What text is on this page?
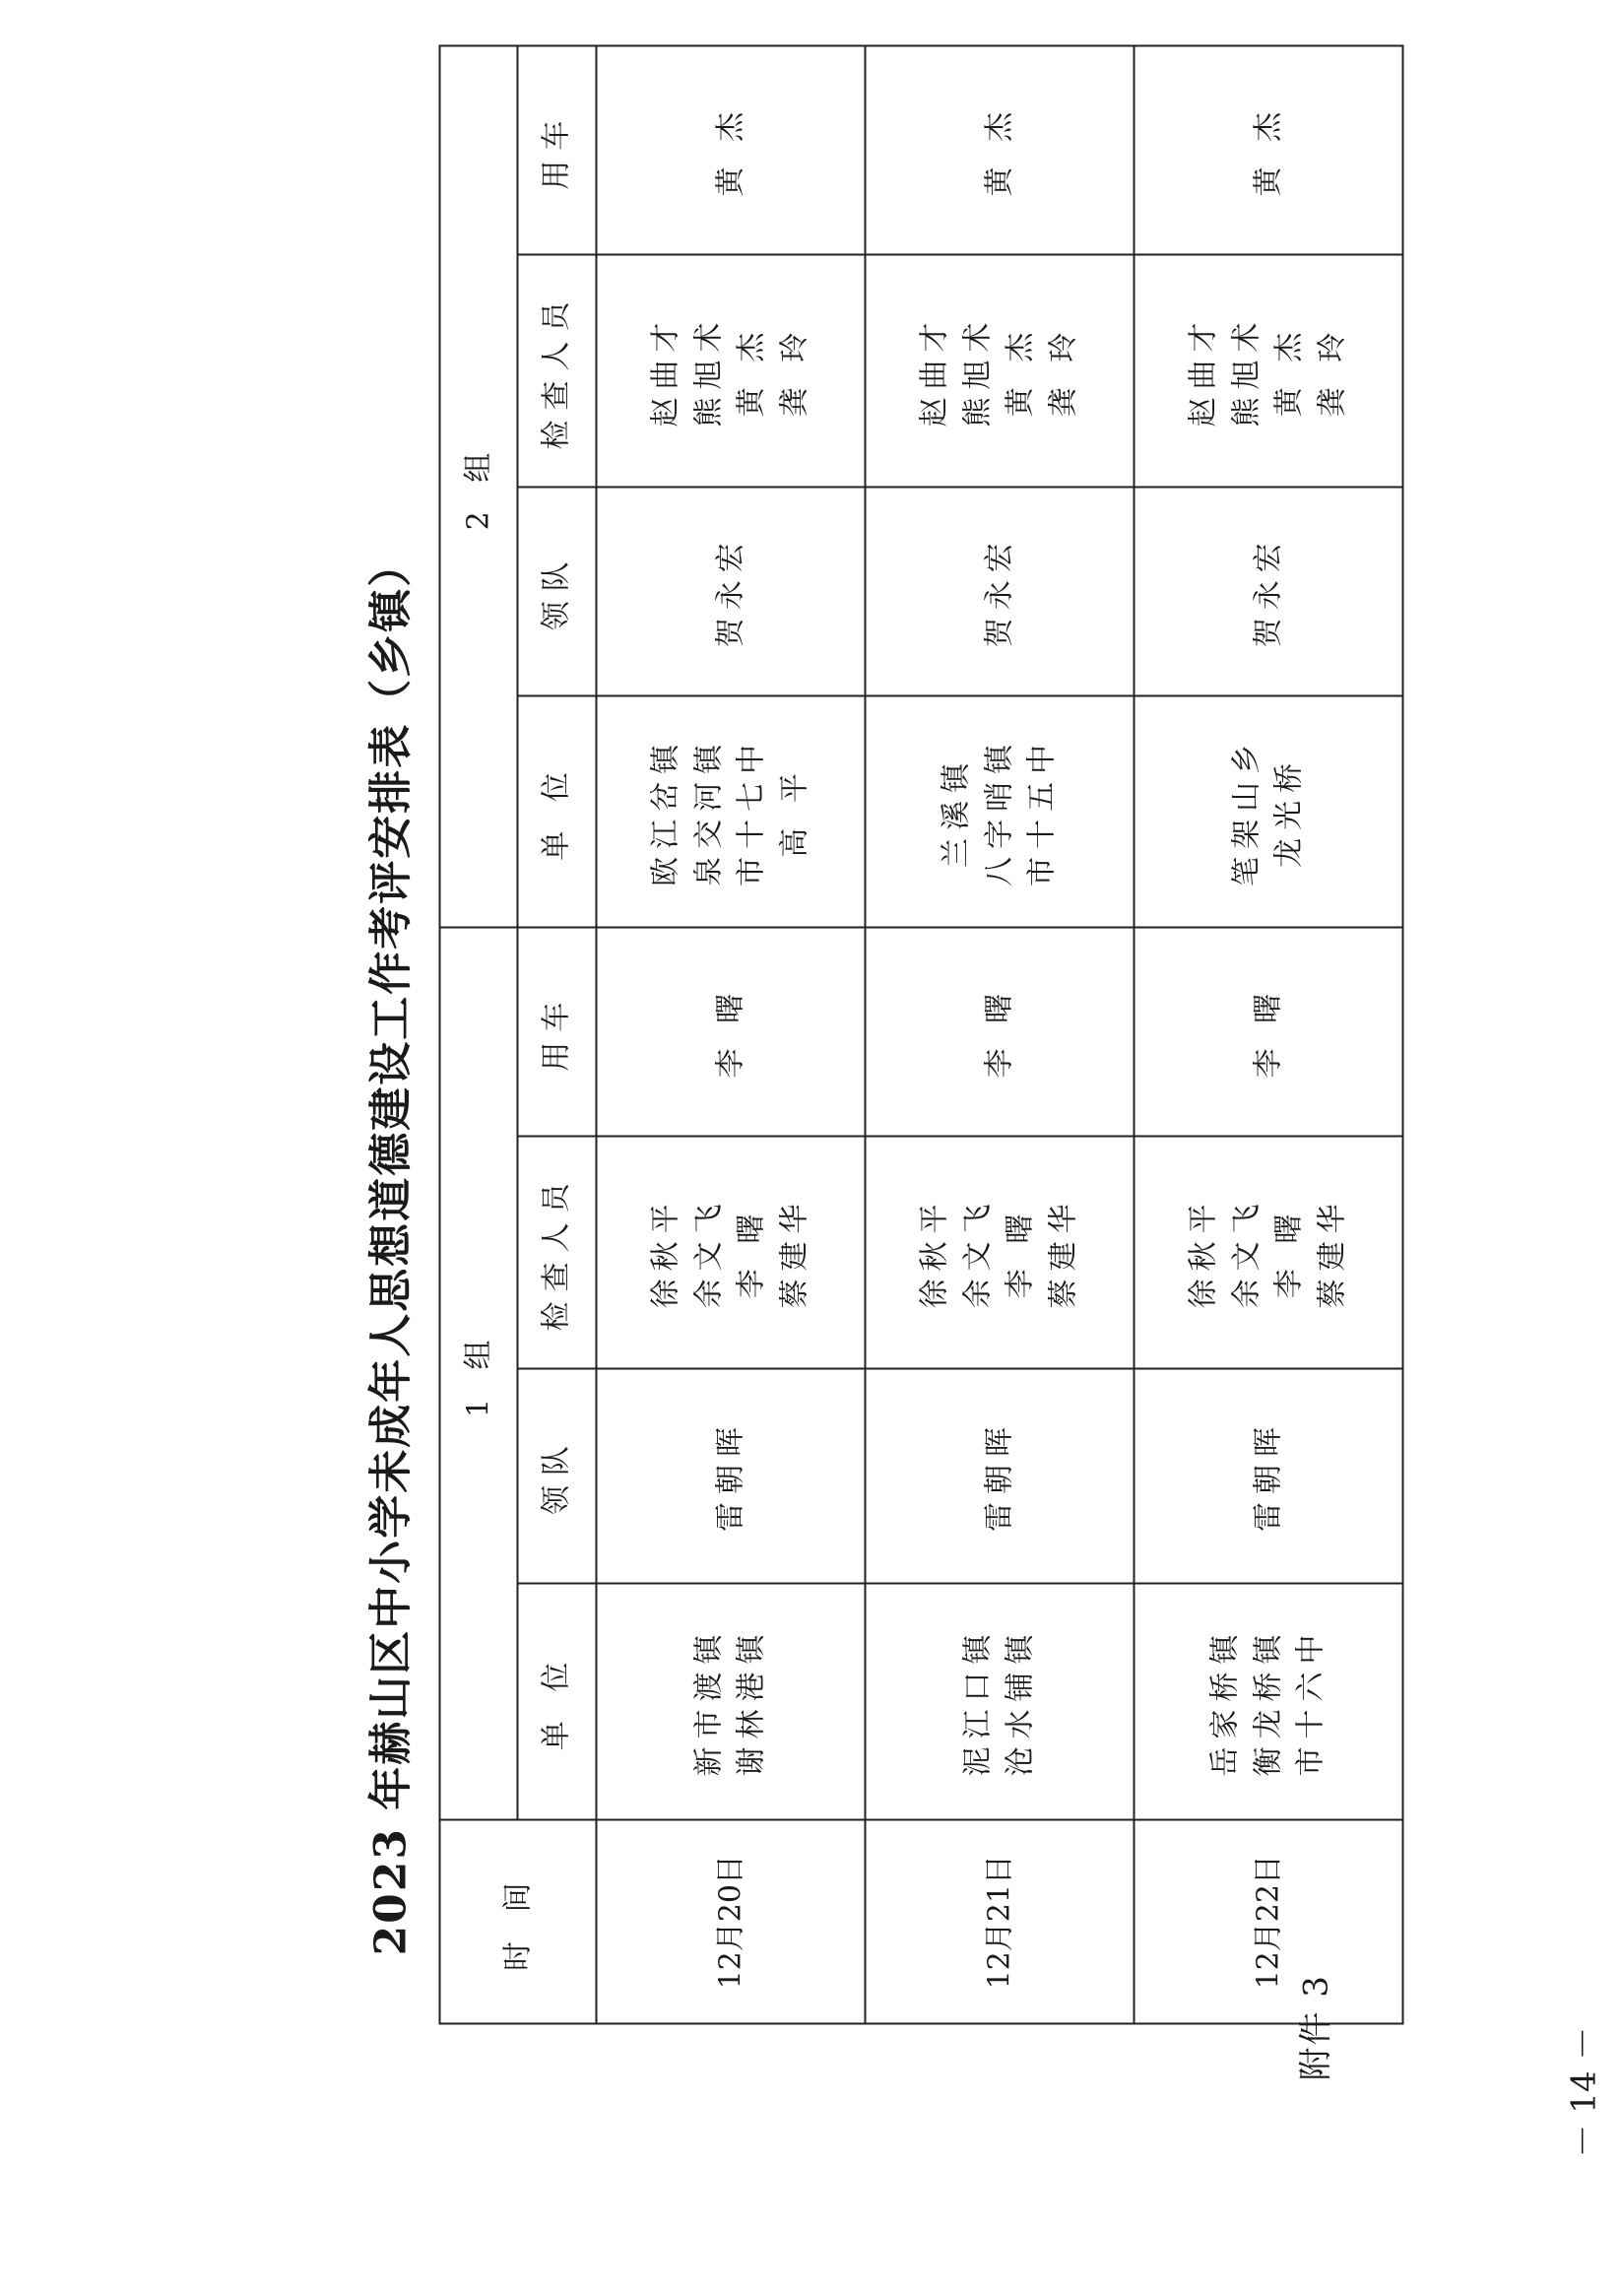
附件 3
2023 年赫山区中小学未成年人思想道德建设工作考评安排表（乡镇）
－ 14 －
时 间	1 组				2 组			
	单 位	领队	检查人员	用车	单 位	领队	检查人员	用车
12月20日	新市渡镇 谢林港镇	雷朝晖	徐秋平 余文飞 李 曙 蔡建华	李 曙	欧江岔镇 泉交河镇 市十七中 高 平	贺永宏	赵曲才 熊旭术 黄 杰 龚 玲	黄 杰
12月21日	泥江口镇 沧水铺镇	雷朝晖	徐秋平 余文飞 李 曙 蔡建华	李 曙	兰溪镇 八字哨镇 市十五中	贺永宏	赵曲才 熊旭术 黄 杰 龚 玲	黄 杰
12月22日	岳家桥镇 衡龙桥镇 市十六中	雷朝晖	徐秋平 余文飞 李 曙 蔡建华	李 曙	笔架山乡 龙光桥	贺永宏	赵曲才 熊旭术 黄 杰 龚 玲	黄 杰
